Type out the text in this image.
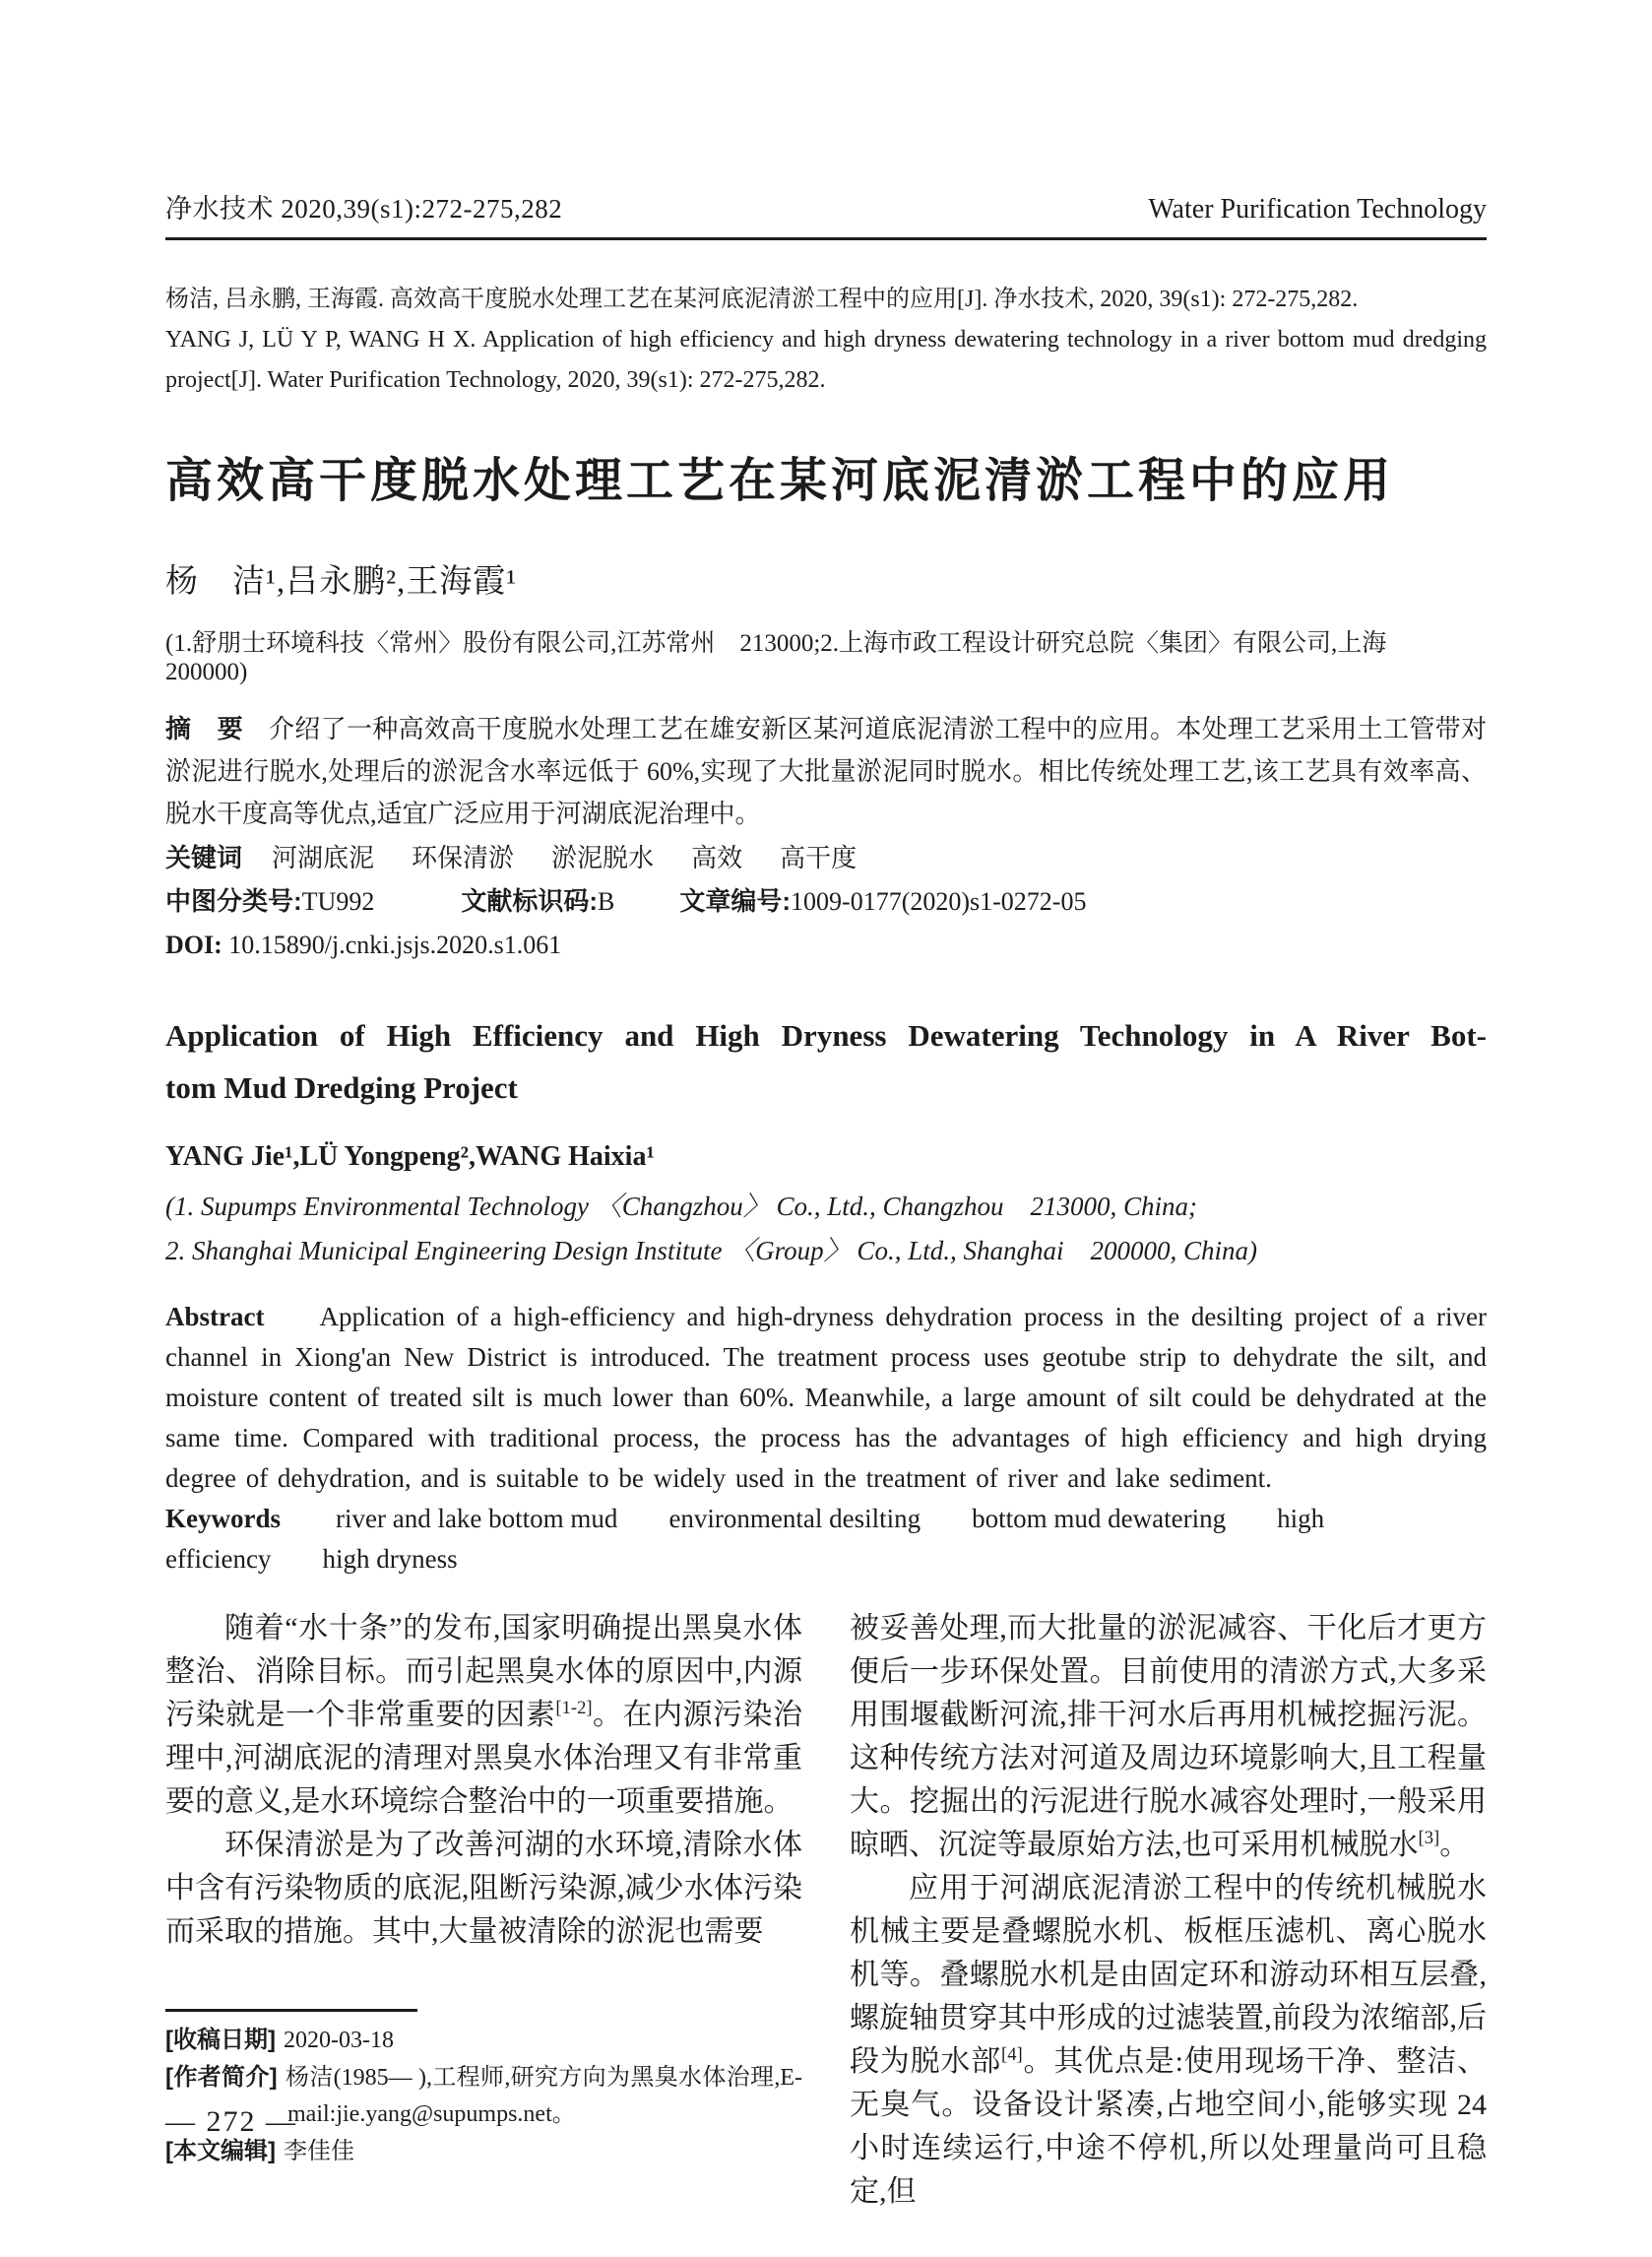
净水技术 2020,39(s1):272-275,282	Water Purification Technology

杨洁, 吕永鹏, 王海霞. 高效高干度脱水处理工艺在某河底泥清淤工程中的应用[J]. 净水技术, 2020, 39(s1): 272-275,282.

YANG J, LÜ Y P, WANG H X. Application of high efficiency and high dryness dewatering technology in a river bottom mud dredging project[J]. Water Purification Technology, 2020, 39(s1): 272-275,282.

高效高干度脱水处理工艺在某河底泥清淤工程中的应用
杨　洁¹,吕永鹏²,王海霞¹
(1.舒朋士环境科技〈常州〉股份有限公司,江苏常州　213000;2.上海市政工程设计研究总院〈集团〉有限公司,上海　200000)

摘　要 介绍了一种高效高干度脱水处理工艺在雄安新区某河道底泥清淤工程中的应用。本处理工艺采用土工管带对淤泥进行脱水,处理后的淤泥含水率远低于 60%,实现了大批量淤泥同时脱水。相比传统处理工艺,该工艺具有效率高、脱水干度高等优点,适宜广泛应用于河湖底泥治理中。

关键词 河湖底泥 环保清淤 淤泥脱水 高效 高干度

中图分类号:TU992	文献标识码:B	文章编号:1009-0177(2020)s1-0272-05

DOI: 10.15890/j.cnki.jsjs.2020.s1.061

Application of High Efficiency and High Dryness Dewatering Technology in A River Bot-
tom Mud Dredging Project
YANG Jie¹,LÜ Yongpeng²,WANG Haixia¹
(1. Supumps Environmental Technology 〈Changzhou〉 Co., Ltd., Changzhou　213000, China;
2. Shanghai Municipal Engineering Design Institute 〈Group〉 Co., Ltd., Shanghai　200000, China)

Abstract Application of a high-efficiency and high-dryness dehydration process in the desilting project of a river channel in Xiong'an New District is introduced. The treatment process uses geotube strip to dehydrate the silt, and moisture content of treated silt is much lower than 60%. Meanwhile, a large amount of silt could be dehydrated at the same time. Compared with traditional process, the process has the advantages of high efficiency and high drying degree of dehydration, and is suitable to be widely used in the treatment of river and lake sediment.

Keywords river and lake bottom mud environmental desilting bottom mud dewatering high efficiency high dryness

随着“水十条”的发布,国家明确提出黑臭水体整治、消除目标。而引起黑臭水体的原因中,内源污染就是一个非常重要的因素[1-2]。在内源污染治理中,河湖底泥的清理对黑臭水体治理又有非常重要的意义,是水环境综合整治中的一项重要措施。

环保清淤是为了改善河湖的水环境,清除水体中含有污染物质的底泥,阻断污染源,减少水体污染而采取的措施。其中,大量被清除的淤泥也需要

[收稿日期] 2020-03-18

[作者简介] 杨洁(1985— ),工程师,研究方向为黑臭水体治理,E-mail:jie.yang@supumps.net。

[本文编辑] 李佳佳

被妥善处理,而大批量的淤泥减容、干化后才更方便后一步环保处置。目前使用的清淤方式,大多采用围堰截断河流,排干河水后再用机械挖掘污泥。这种传统方法对河道及周边环境影响大,且工程量大。挖掘出的污泥进行脱水减容处理时,一般采用晾晒、沉淀等最原始方法,也可采用机械脱水[3]。

应用于河湖底泥清淤工程中的传统机械脱水机械主要是叠螺脱水机、板框压滤机、离心脱水机等。叠螺脱水机是由固定环和游动环相互层叠,螺旋轴贯穿其中形成的过滤装置,前段为浓缩部,后段为脱水部[4]。其优点是:使用现场干净、整洁、无臭气。设备设计紧凑,占地空间小,能够实现 24 小时连续运行,中途不停机,所以处理量尚可且稳定,但

— 272 —
